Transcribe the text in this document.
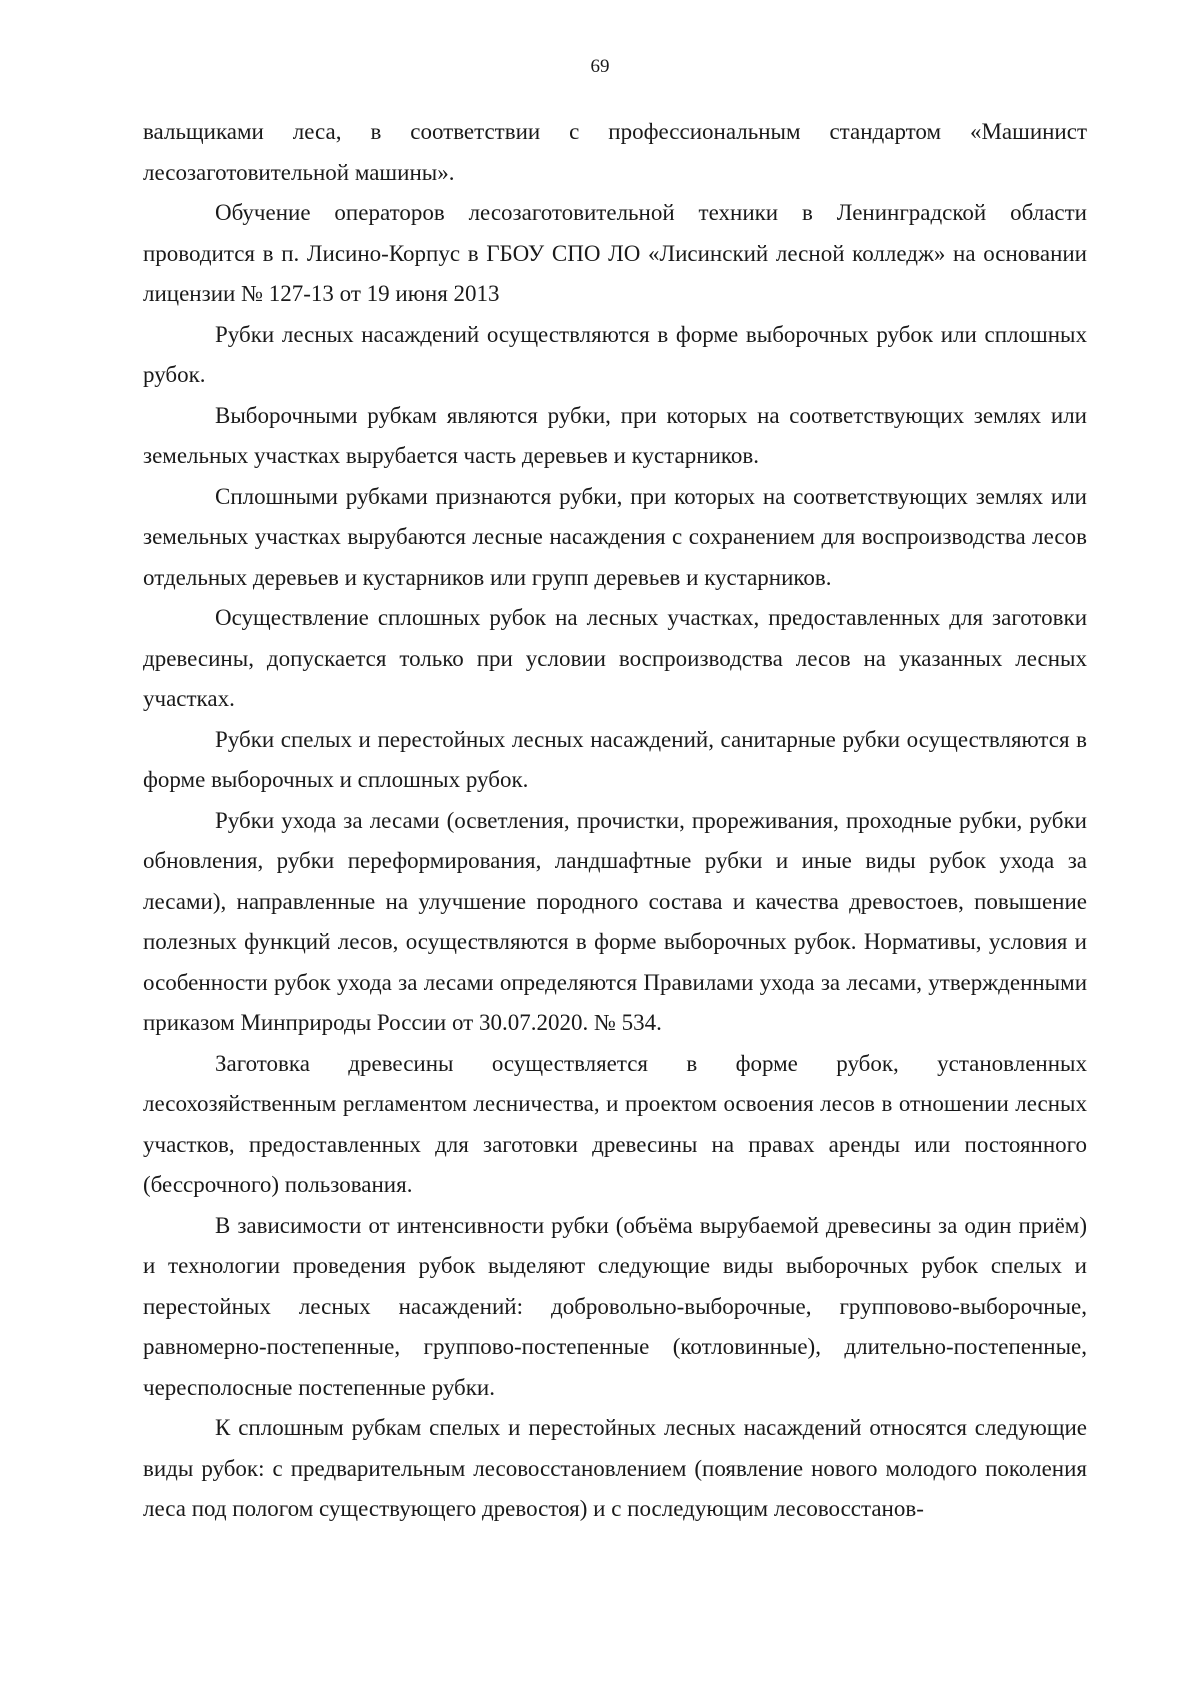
69

вальщиками леса, в соответствии с профессиональным стандартом «Машинист лесозаготовительной машины».

Обучение операторов лесозаготовительной техники в Ленинградской области проводится в п. Лисино-Корпус в ГБОУ СПО ЛО «Лисинский лесной колледж» на основании лицензии № 127-13 от 19 июня 2013

Рубки лесных насаждений осуществляются в форме выборочных рубок или сплошных рубок.

Выборочными рубкам являются рубки, при которых на соответствующих землях или земельных участках вырубается часть деревьев и кустарников.

Сплошными рубками признаются рубки, при которых на соответствующих землях или земельных участках вырубаются лесные насаждения с сохранением для воспроизводства лесов отдельных деревьев и кустарников или групп деревьев и кустарников.

Осуществление сплошных рубок на лесных участках, предоставленных для заготовки древесины, допускается только при условии воспроизводства лесов на указанных лесных участках.

Рубки спелых и перестойных лесных насаждений, санитарные рубки осуществляются в форме выборочных и сплошных рубок.

Рубки ухода за лесами (осветления, прочистки, прореживания, проходные рубки, рубки обновления, рубки переформирования, ландшафтные рубки и иные виды рубок ухода за лесами), направленные на улучшение породного состава и качества древостоев, повышение полезных функций лесов, осуществляются в форме выборочных рубок. Нормативы, условия и особенности рубок ухода за лесами определяются Правилами ухода за лесами, утвержденными приказом Минприроды России от 30.07.2020. № 534.

Заготовка древесины осуществляется в форме рубок, установленных лесохозяйственным регламентом лесничества, и проектом освоения лесов в отношении лесных участков, предоставленных для заготовки древесины на правах аренды или постоянного (бессрочного) пользования.

В зависимости от интенсивности рубки (объёма вырубаемой древесины за один приём) и технологии проведения рубок выделяют следующие виды выборочных рубок спелых и перестойных лесных насаждений: добровольно-выборочные, групповово-выборочные, равномерно-постепенные, группово-постепенные (котловинные), длительно-постепенные, чересполосные постепенные рубки.

К сплошным рубкам спелых и перестойных лесных насаждений относятся следующие виды рубок: с предварительным лесовосстановлением (появление нового молодого поколения леса под пологом существующего древостоя) и с последующим лесовосстанов-
